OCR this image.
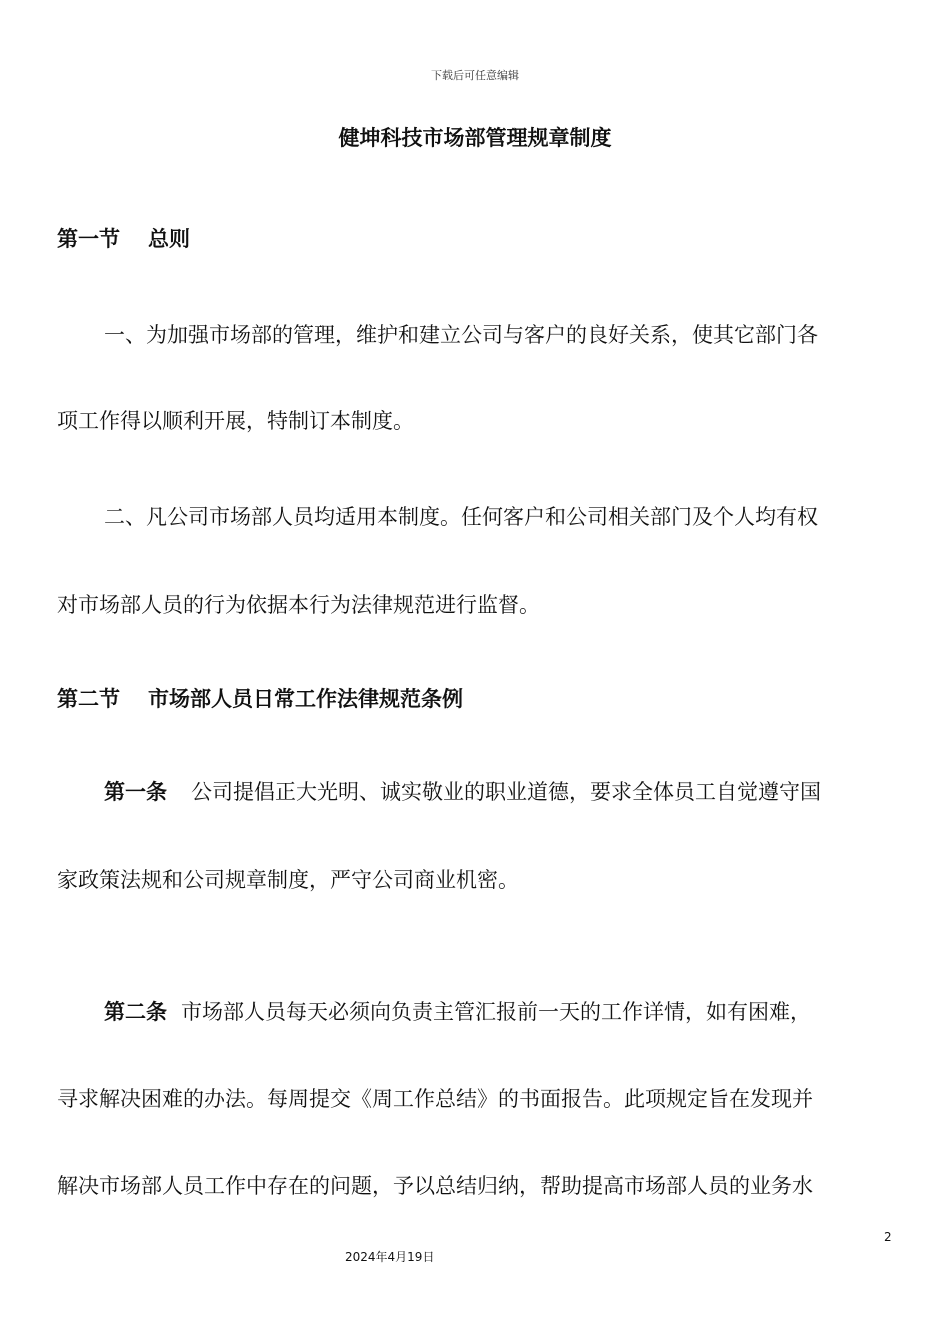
下载后可任意编辑
健坤科技市场部管理规章制度
第一节 总则
一、为加强市场部的管理，维护和建立公司与客户的良好关系，使其它部门各
项工作得以顺利开展，特制订本制度。
二、凡公司市场部人员均适用本制度。任何客户和公司相关部门及个人均有权
对市场部人员的行为依据本行为法律规范进行监督。
第二节 市场部人员日常工作法律规范条例
第一条 公司提倡正大光明、诚实敬业的职业道德，要求全体员工自觉遵守国
家政策法规和公司规章制度，严守公司商业机密。
第二条 市场部人员每天必须向负责主管汇报前一天的工作详情，如有困难，
寻求解决困难的办法。每周提交《周工作总结》的书面报告。此项规定旨在发现并
解决市场部人员工作中存在的问题，予以总结归纳，帮助提高市场部人员的业务水
2
2024年4月19日
